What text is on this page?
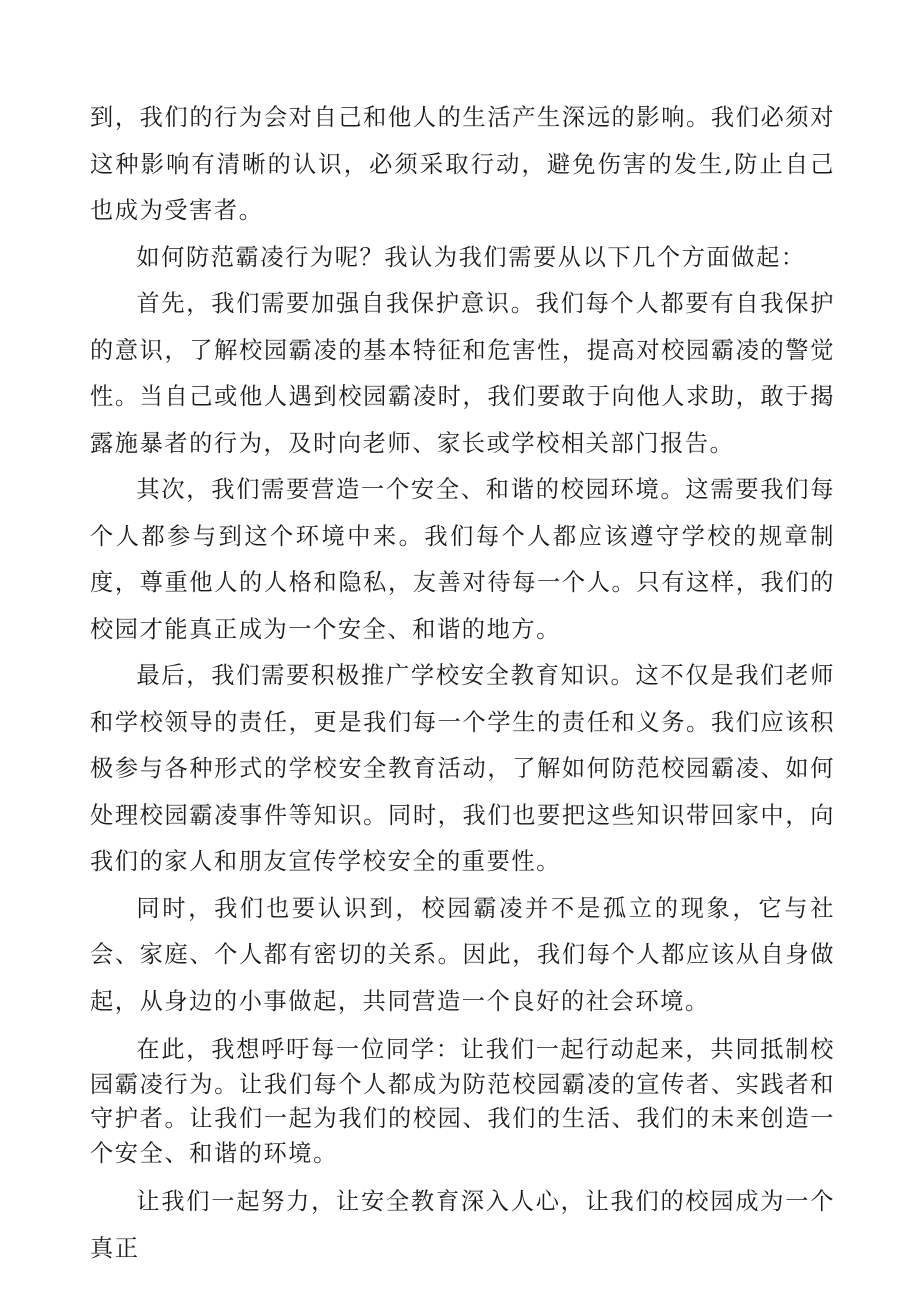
到，我们的行为会对自己和他人的生活产生深远的影响。我们必须对这种影响有清晰的认识，必须采取行动，避免伤害的发生,防止自己也成为受害者。

如何防范霸凌行为呢？我认为我们需要从以下几个方面做起：

首先，我们需要加强自我保护意识。我们每个人都要有自我保护的意识，了解校园霸凌的基本特征和危害性，提高对校园霸凌的警觉性。当自己或他人遇到校园霸凌时，我们要敢于向他人求助，敢于揭露施暴者的行为，及时向老师、家长或学校相关部门报告。

其次，我们需要营造一个安全、和谐的校园环境。这需要我们每个人都参与到这个环境中来。我们每个人都应该遵守学校的规章制度，尊重他人的人格和隐私，友善对待每一个人。只有这样，我们的校园才能真正成为一个安全、和谐的地方。

最后，我们需要积极推广学校安全教育知识。这不仅是我们老师和学校领导的责任，更是我们每一个学生的责任和义务。我们应该积极参与各种形式的学校安全教育活动，了解如何防范校园霸凌、如何处理校园霸凌事件等知识。同时，我们也要把这些知识带回家中，向我们的家人和朋友宣传学校安全的重要性。

同时，我们也要认识到，校园霸凌并不是孤立的现象，它与社会、家庭、个人都有密切的关系。因此，我们每个人都应该从自身做起，从身边的小事做起，共同营造一个良好的社会环境。

在此，我想呼吁每一位同学：让我们一起行动起来，共同抵制校园霸凌行为。让我们每个人都成为防范校园霸凌的宣传者、实践者和守护者。让我们一起为我们的校园、我们的生活、我们的未来创造一个安全、和谐的环境。

让我们一起努力，让安全教育深入人心，让我们的校园成为一个真正
